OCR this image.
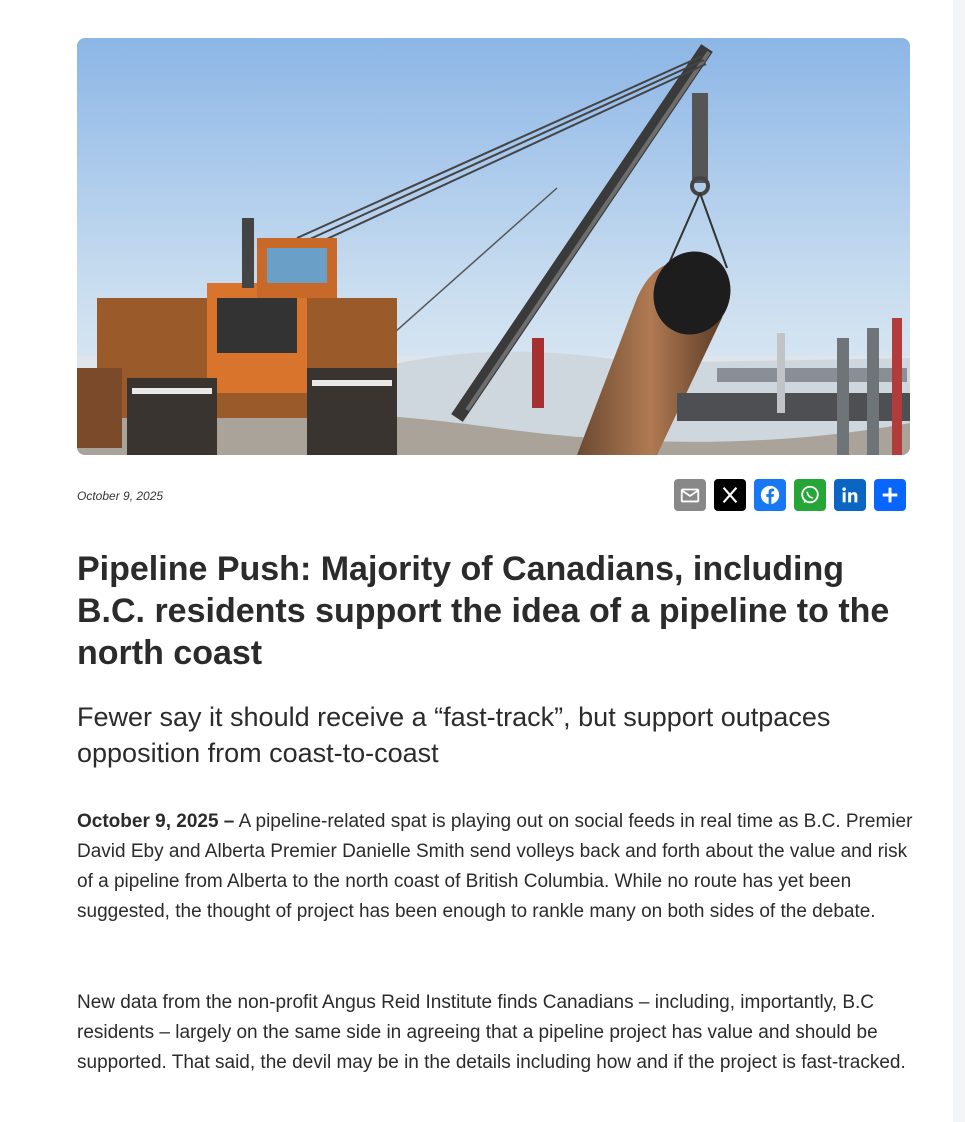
October 9, 2025
Pipeline Push: Majority of Canadians, including B.C. residents support the idea of a pipeline to the north coast
Fewer say it should receive a “fast-track”, but support outpaces opposition from coast-to-coast

October 9, 2025 – A pipeline-related spat is playing out on social feeds in real time as B.C. Premier David Eby and Alberta Premier Danielle Smith send volleys back and forth about the value and risk of a pipeline from Alberta to the north coast of British Columbia. While no route has yet been suggested, the thought of project has been enough to rankle many on both sides of the debate.

New data from the non-profit Angus Reid Institute finds Canadians – including, importantly, B.C residents – largely on the same side in agreeing that a pipeline project has value and should be supported. That said, the devil may be in the details including how and if the project is fast-tracked.
